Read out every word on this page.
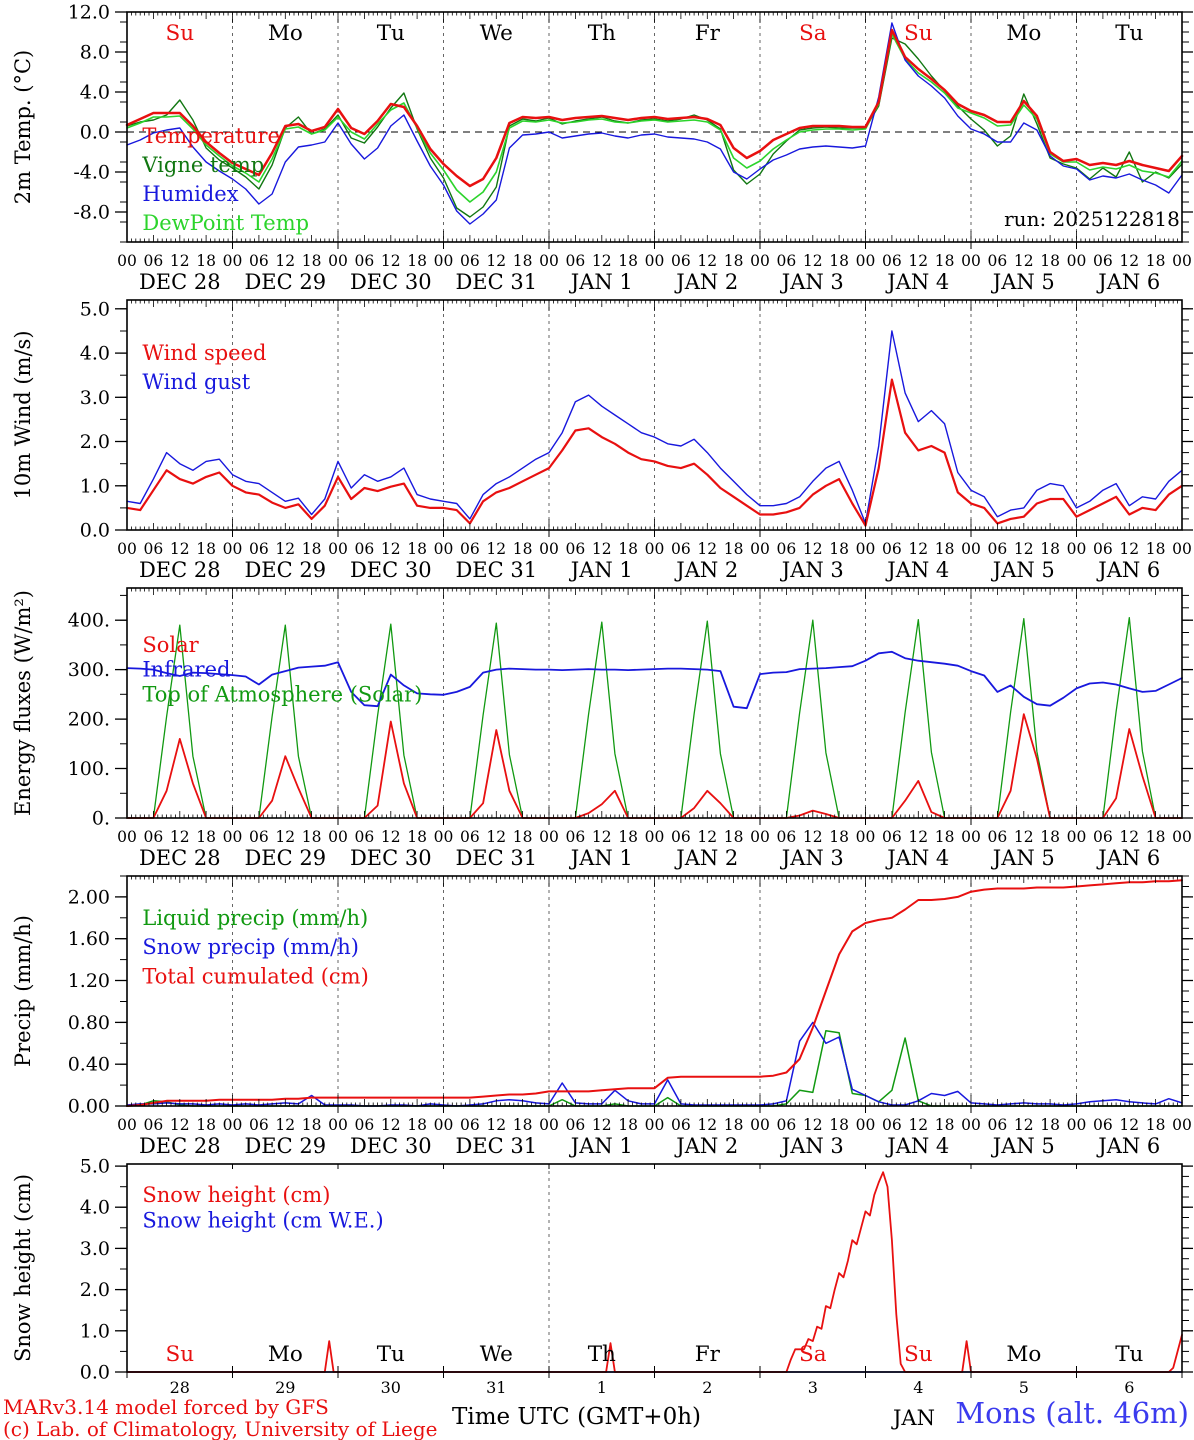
12.0
8.0
4.0
0.0
-4.0
-8.0
00 06 12 18 00 06 12 18 00 06 12 18 00 06 12 18 00 06 12 18 00 06 12 18 00 06 12 18 00 06 12 18 00 06 12 18 00 06 12 18 00
DEC 28 DEC 29 DEC 30 DEC 31 JAN 1 JAN 2 JAN 3 JAN 4 JAN 5 JAN 6
Su	Mo	Tu	We	Th	Fr	Sa	Su	Mo	Tu
Temperature
Vigne temp
Humidex
DewPoint Temp	run: 2025122818
2m Temp. (°C)
5.0
4.0
3.0
2.0
1.0
0.0
00 06 12 18 00 06 12 18 00 06 12 18 00 06 12 18 00 06 12 18 00 06 12 18 00 06 12 18 00 06 12 18 00 06 12 18 00 06 12 18 00
DEC 28 DEC 29 DEC 30 DEC 31 JAN 1 JAN 2 JAN 3 JAN 4 JAN 5 JAN 6
Wind speed
Wind gust
10m Wind (m/s)
400.
300.
200.
100.
0.
00 06 12 18 00 06 12 18 00 06 12 18 00 06 12 18 00 06 12 18 00 06 12 18 00 06 12 18 00 06 12 18 00 06 12 18 00 06 12 18 00
DEC 28 DEC 29 DEC 30 DEC 31 JAN 1 JAN 2 JAN 3 JAN 4 JAN 5 JAN 6
Solar
Infrared
Top of Atmosphere (Solar)
Energy fluxes (W/m²)
2.00
1.60
1.20
0.80
0.40
0.00
00 06 12 18 00 06 12 18 00 06 12 18 00 06 12 18 00 06 12 18 00 06 12 18 00 06 12 18 00 06 12 18 00 06 12 18 00 06 12 18 00
DEC 28 DEC 29 DEC 30 DEC 31 JAN 1 JAN 2 JAN 3 JAN 4 JAN 5 JAN 6
Liquid precip (mm/h)
Snow precip (mm/h)
Total cumulated (cm)
Precip (mm/h)
5.0
4.0
3.0
2.0
1.0
0.0
28	29	30	31	1	2	3	4	5	6
Su	Mo	Tu	We	Th	Fr	Sa	Su	Mo	Tu
Snow height (cm)
Snow height (cm W.E.)
Snow height (cm)
MARv3.14 model forced by GFS
(c) Lab. of Climatology, University of Liege Time UTC (GMT+0h)	JAN Mons (alt. 46m)
